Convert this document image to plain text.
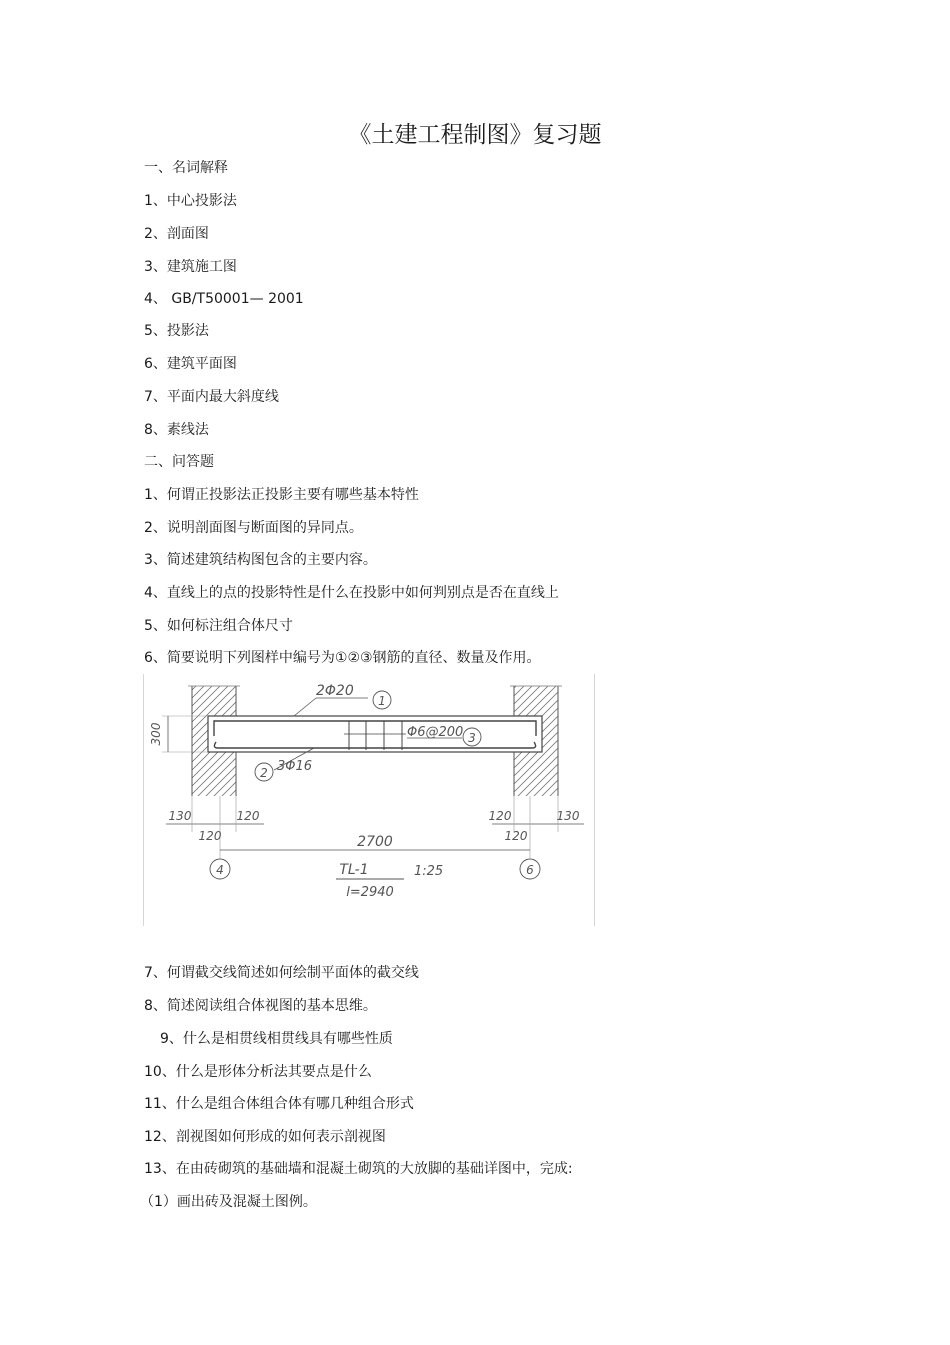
《土建工程制图》复习题
一、名词解释
1、中心投影法
2、剖面图
3、建筑施工图
4、 GB/T50001— 2001
5、投影法
6、建筑平面图
7、平面内最大斜度线
8、素线法
二、问答题
1、何谓正投影法正投影主要有哪些基本特性
2、说明剖面图与断面图的异同点。
3、简述建筑结构图包含的主要内容。
4、直线上的点的投影特性是什么在投影中如何判别点是否在直线上
5、如何标注组合体尺寸
6、简要说明下列图样中编号为①②③钢筋的直径、数量及作用。
2Φ20
1
Φ6@200 3
2 3Φ16
300
130	120
120
120	130
120
2700
4	6
TL-1	1:25
l=2940
7、何谓截交线简述如何绘制平面体的截交线
8、简述阅读组合体视图的基本思维。
9、什么是相贯线相贯线具有哪些性质
10、什么是形体分析法其要点是什么
11、什么是组合体组合体有哪几种组合形式
12、剖视图如何形成的如何表示剖视图
13、在由砖砌筑的基础墙和混凝土砌筑的大放脚的基础详图中，完成:
（1）画出砖及混凝土图例。
